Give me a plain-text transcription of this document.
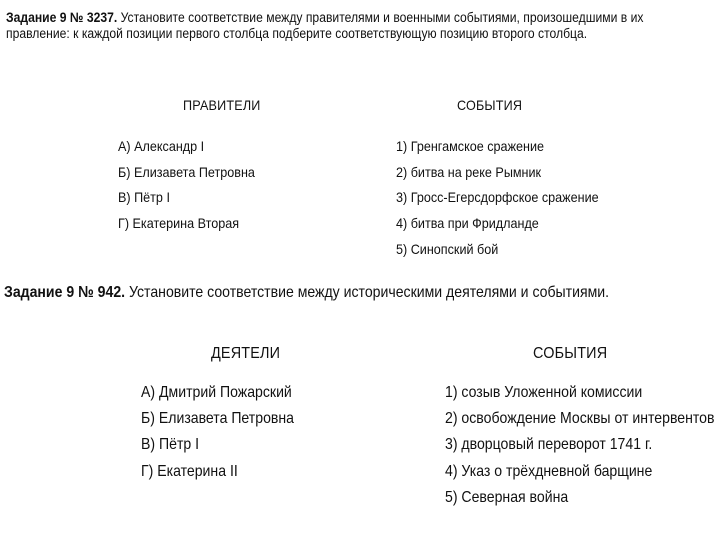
Задание 9 № 3237. Установите соответствие между правителями и военными событиями, произошедшими в их правление: к каждой позиции первого столбца подберите соответствующую позицию второго столбца.
ПРАВИТЕЛИ	СОБЫТИЯ
А) Александр I
Б) Елизавета Петровна
В) Пётр I
Г) Екатерина Вторая
1) Гренгамское сражение
2) битва на реке Рымник
3) Гросс-Егерсдорфское сражение
4) битва при Фридланде
5) Синопский бой
Задание 9 № 942. Установите соответствие между историческими деятелями и событиями.
ДЕЯТЕЛИ	СОБЫТИЯ
А) Дмитрий Пожарский
Б) Елизавета Петровна
В) Пётр I
Г) Екатерина II
1) созыв Уложенной комиссии
2) освобождение Москвы от интервентов
3) дворцовый переворот 1741 г.
4) Указ о трёхдневной барщине
5) Северная война
